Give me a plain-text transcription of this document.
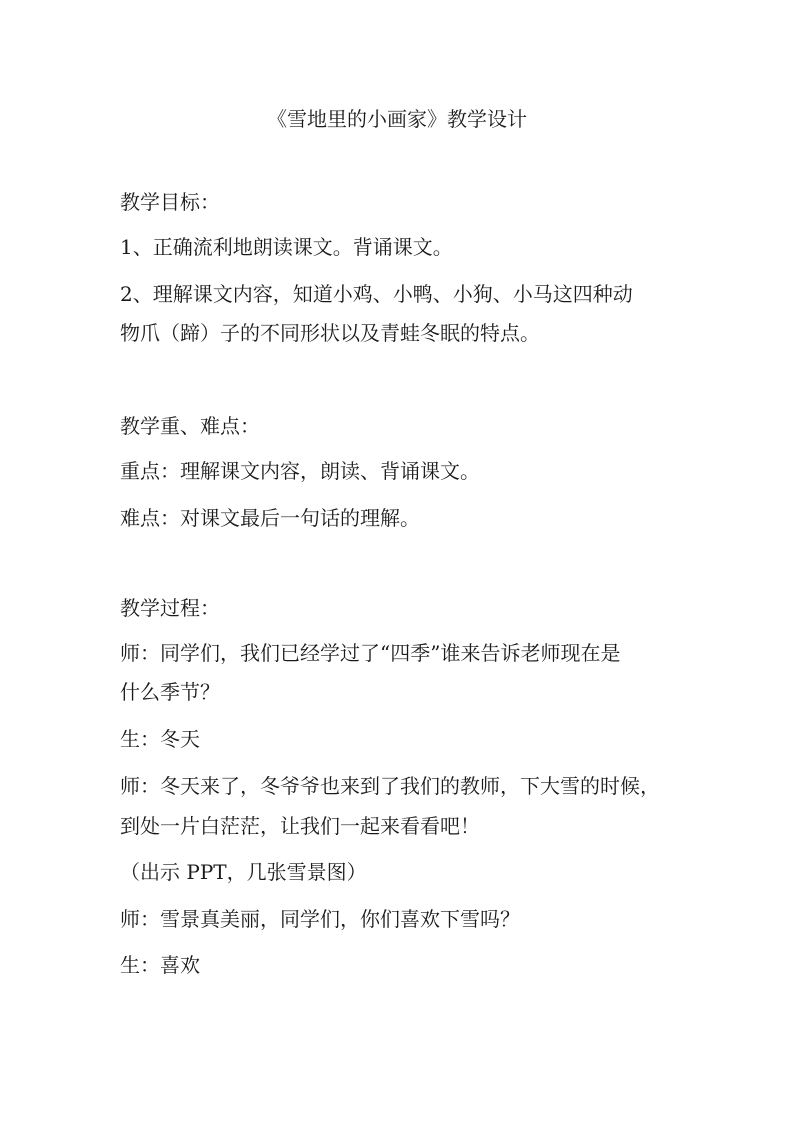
《雪地里的小画家》教学设计
教学目标：
1、正确流利地朗读课文。背诵课文。
2、理解课文内容，知道小鸡、小鸭、小狗、小马这四种动
物爪（蹄）子的不同形状以及青蛙冬眠的特点。
教学重、难点：
重点：理解课文内容，朗读、背诵课文。
难点：对课文最后一句话的理解。
教学过程：
师：同学们，我们已经学过了“四季”谁来告诉老师现在是
什么季节？
生：冬天
师：冬天来了，冬爷爷也来到了我们的教师，下大雪的时候，
到处一片白茫茫，让我们一起来看看吧！
（出示 PPT，几张雪景图）
师：雪景真美丽，同学们，你们喜欢下雪吗？
生：喜欢
